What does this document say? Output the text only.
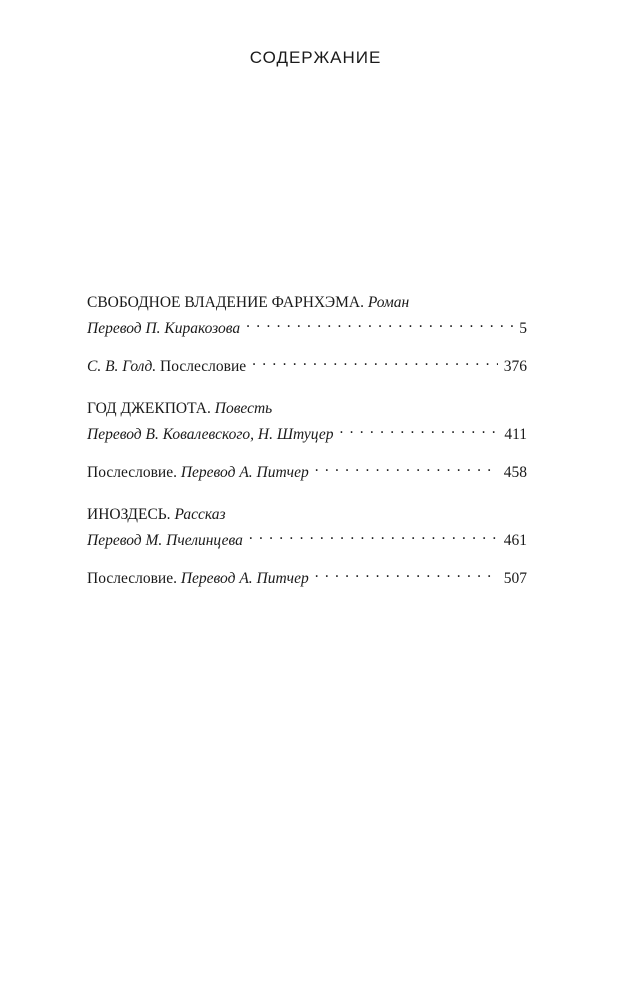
СОДЕРЖАНИЕ
СВОБОДНОЕ ВЛАДЕНИЕ ФАРНХЭМА. Роман
Перевод П. Киракозова . . .	5
С. В. Голд. Послесловие . . .	376
ГОД ДЖЕКПОТА. Повесть
Перевод В. Ковалевского, Н. Штуцер . . .	411
Послесловие. Перевод А. Питчер . . .	458
ИНОЗДЕСЬ. Рассказ
Перевод М. Пчелинцева . . .	461
Послесловие. Перевод А. Питчер . . .	507
